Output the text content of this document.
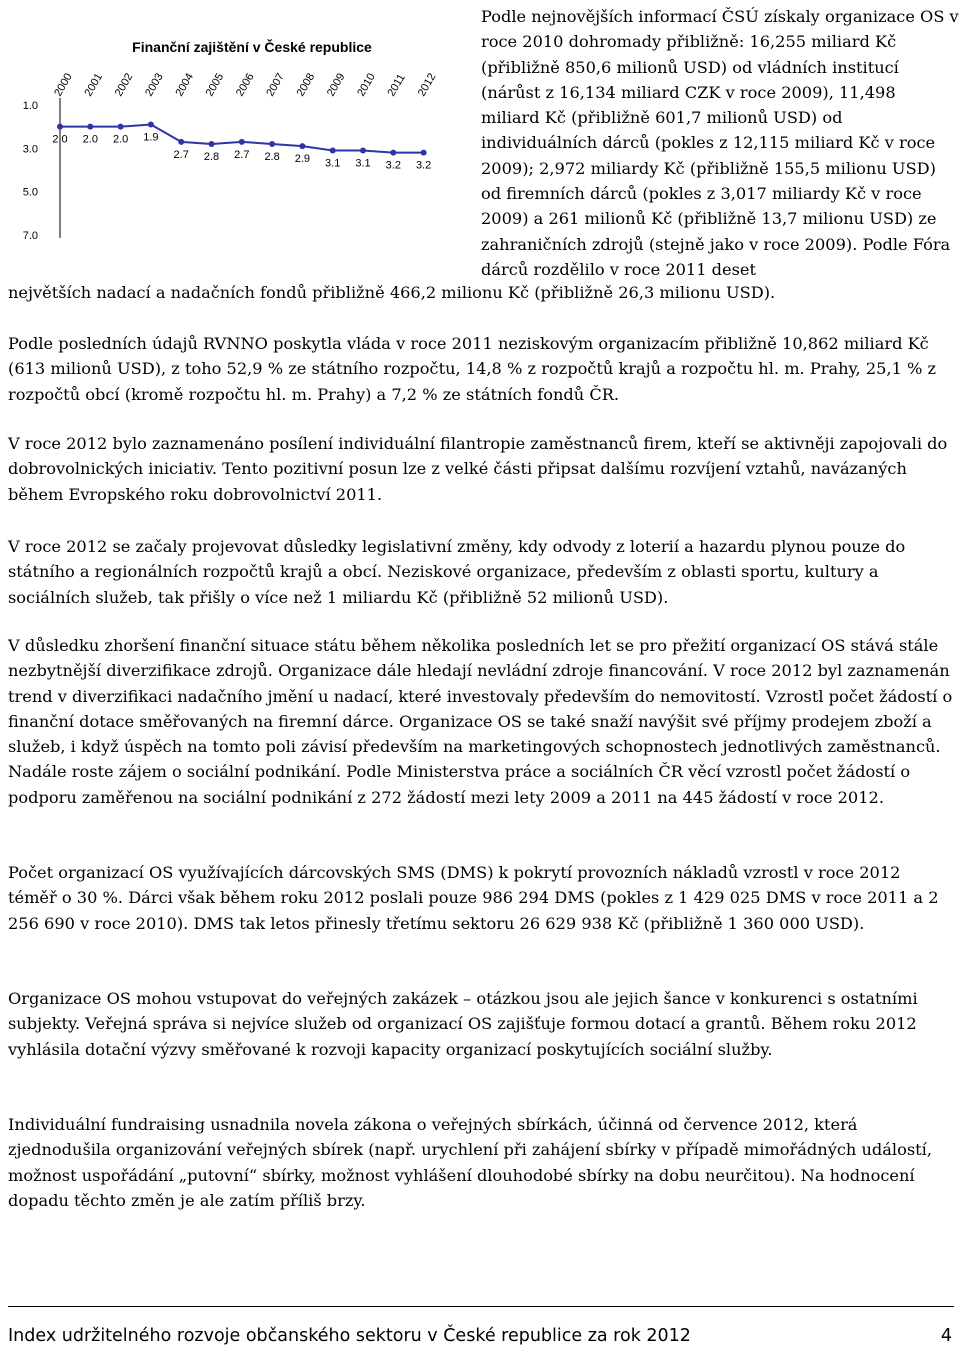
Finanční zajištění v České republice
1.0
3.0
5.0
7.0
2000 2001 2002 2003 2004 2005 2006 2007 2008 2009 2010 2011 2012
2.0 2.0 2.0 1.9
2.7 2.8 2.7 2.8 2.9 3.1 3.1 3.2 3.2
Podle nejnovějších informací ČSÚ získaly organizace OS v roce 2010 dohromady přibližně: 16,255 miliard Kč (přibližně 850,6 milionů USD) od vládních institucí (nárůst z 16,134 miliard CZK v roce 2009), 11,498 miliard Kč (přibližně 601,7 milionů USD) od individuálních dárců (pokles z 12,115 miliard Kč v roce 2009); 2,972 miliardy Kč (přibližně 155,5 milionu USD) od firemních dárců (pokles z 3,017 miliardy Kč v roce 2009) a 261 milionů Kč (přibližně 13,7 milionu USD) ze zahraničních zdrojů (stejně jako v roce 2009). Podle Fóra dárců rozdělilo v roce 2011 deset
největších nadací a nadačních fondů přibližně 466,2 milionu Kč (přibližně 26,3 milionu USD).
Podle posledních údajů RVNNO poskytla vláda v roce 2011 neziskovým organizacím přibližně 10,862 miliard Kč (613 milionů USD), z toho 52,9 % ze státního rozpočtu, 14,8 % z rozpočtů krajů a rozpočtu hl. m. Prahy, 25,1 % z rozpočtů obcí (kromě rozpočtu hl. m. Prahy) a 7,2 % ze státních fondů ČR.
V roce 2012 bylo zaznamenáno posílení individuální filantropie zaměstnanců firem, kteří se aktivněji zapojovali do dobrovolnických iniciativ. Tento pozitivní posun lze z velké části připsat dalšímu rozvíjení vztahů, navázaných během Evropského roku dobrovolnictví 2011.
V roce 2012 se začaly projevovat důsledky legislativní změny, kdy odvody z loterií a hazardu plynou pouze do státního a regionálních rozpočtů krajů a obcí. Neziskové organizace, především z oblasti sportu, kultury a sociálních služeb, tak přišly o více než 1 miliardu Kč (přibližně 52 milionů USD).
V důsledku zhoršení finanční situace státu během několika posledních let se pro přežití organizací OS stává stále nezbytnější diverzifikace zdrojů. Organizace dále hledají nevládní zdroje financování. V roce 2012 byl zaznamenán trend v diverzifikaci nadačního jmění u nadací, které investovaly především do nemovitostí. Vzrostl počet žádostí o finanční dotace směřovaných na firemní dárce. Organizace OS se také snaží navýšit své příjmy prodejem zboží a služeb, i když úspěch na tomto poli závisí především na marketingových schopnostech jednotlivých zaměstnanců. Nadále roste zájem o sociální podnikání. Podle Ministerstva práce a sociálních ČR věcí vzrostl počet žádostí o podporu zaměřenou na sociální podnikání z 272 žádostí mezi lety 2009 a 2011 na 445 žádostí v roce 2012.
Počet organizací OS využívajících dárcovských SMS (DMS) k pokrytí provozních nákladů vzrostl v roce 2012 téměř o 30 %. Dárci však během roku 2012 poslali pouze 986 294 DMS (pokles z 1 429 025 DMS v roce 2011 a 2 256 690 v roce 2010). DMS tak letos přinesly třetímu sektoru 26 629 938 Kč (přibližně 1 360 000 USD).
Organizace OS mohou vstupovat do veřejných zakázek – otázkou jsou ale jejich šance v konkurenci s ostatními subjekty. Veřejná správa si nejvíce služeb od organizací OS zajišťuje formou dotací a grantů. Během roku 2012 vyhlásila dotační výzvy směřované k rozvoji kapacity organizací poskytujících sociální služby.
Individuální fundraising usnadnila novela zákona o veřejných sbírkách, účinná od července 2012, která zjednodušila organizování veřejných sbírek (např. urychlení při zahájení sbírky v případě mimořádných událostí, možnost uspořádání „putovní“ sbírky, možnost vyhlášení dlouhodobé sbírky na dobu neurčitou). Na hodnocení dopadu těchto změn je ale zatím příliš brzy.
Index udržitelného rozvoje občanského sektoru v České republice za rok 2012	4
